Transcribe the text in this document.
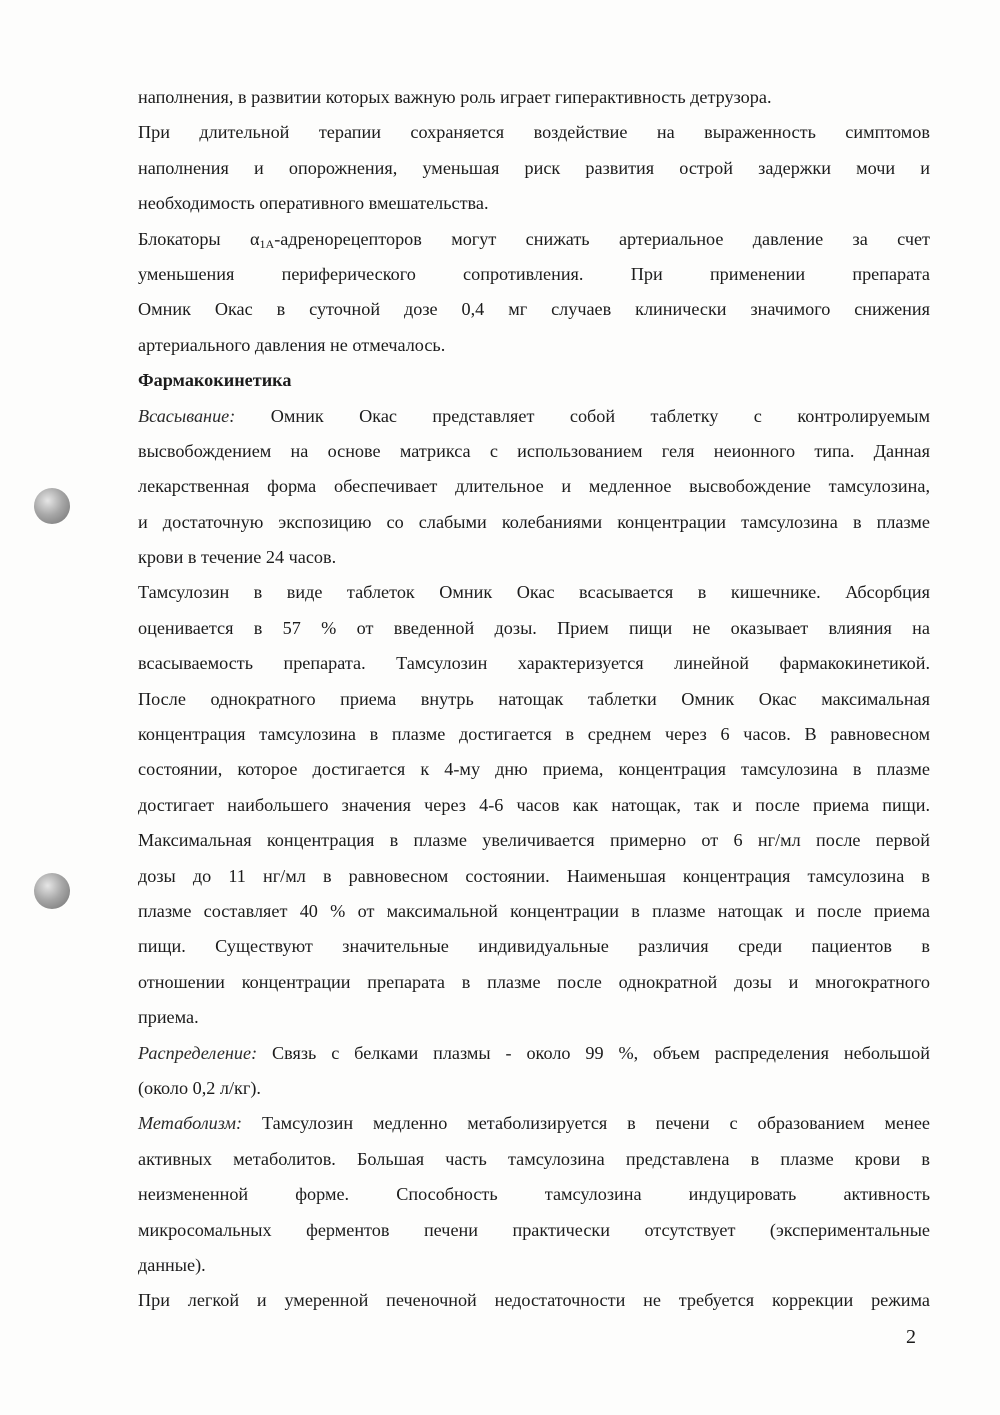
наполнения, в развитии которых важную роль играет гиперактивность детрузора.
При длительной терапии сохраняется воздействие на выраженность симптомов
наполнения и опорожнения, уменьшая риск развития острой задержки мочи и
необходимость оперативного вмешательства.
Блокаторы $\alpha_{1A}$-адренорецепторов могут снижать артериальное давление за счет
уменьшения периферического сопротивления. При применении препарата
Омник Окас в суточной дозе 0,4 мг случаев клинически значимого снижения
артериального давления не отмечалось.
Фармакокинетика
Всасывание: Омник Окас представляет собой таблетку с контролируемым
высвобождением на основе матрикса с использованием геля неионного типа. Данная
лекарственная форма обеспечивает длительное и медленное высвобождение тамсулозина,
и достаточную экспозицию со слабыми колебаниями концентрации тамсулозина в плазме
крови в течение 24 часов.
Тамсулозин в виде таблеток Омник Окас всасывается в кишечнике. Абсорбция
оценивается в 57 % от введенной дозы. Прием пищи не оказывает влияния на
всасываемость препарата. Тамсулозин характеризуется линейной фармакокинетикой.
После однократного приема внутрь натощак таблетки Омник Окас максимальная
концентрация тамсулозина в плазме достигается в среднем через 6 часов. В равновесном
состоянии, которое достигается к 4-му дню приема, концентрация тамсулозина в плазме
достигает наибольшего значения через 4-6 часов как натощак, так и после приема пищи.
Максимальная концентрация в плазме увеличивается примерно от 6 нг/мл после первой
дозы до 11 нг/мл в равновесном состоянии. Наименьшая концентрация тамсулозина в
плазме составляет 40 % от максимальной концентрации в плазме натощак и после приема
пищи. Существуют значительные индивидуальные различия среди пациентов в
отношении концентрации препарата в плазме после однократной дозы и многократного
приема.
Распределение: Связь с белками плазмы - около 99 %, объем распределения небольшой
(около 0,2 л/кг).
Метаболизм: Тамсулозин медленно метаболизируется в печени с образованием менее
активных метаболитов. Большая часть тамсулозина представлена в плазме крови в
неизмененной форме. Способность тамсулозина индуцировать активность
микросомальных ферментов печени практически отсутствует (экспериментальные
данные).
При легкой и умеренной печеночной недостаточности не требуется коррекции режима
2
